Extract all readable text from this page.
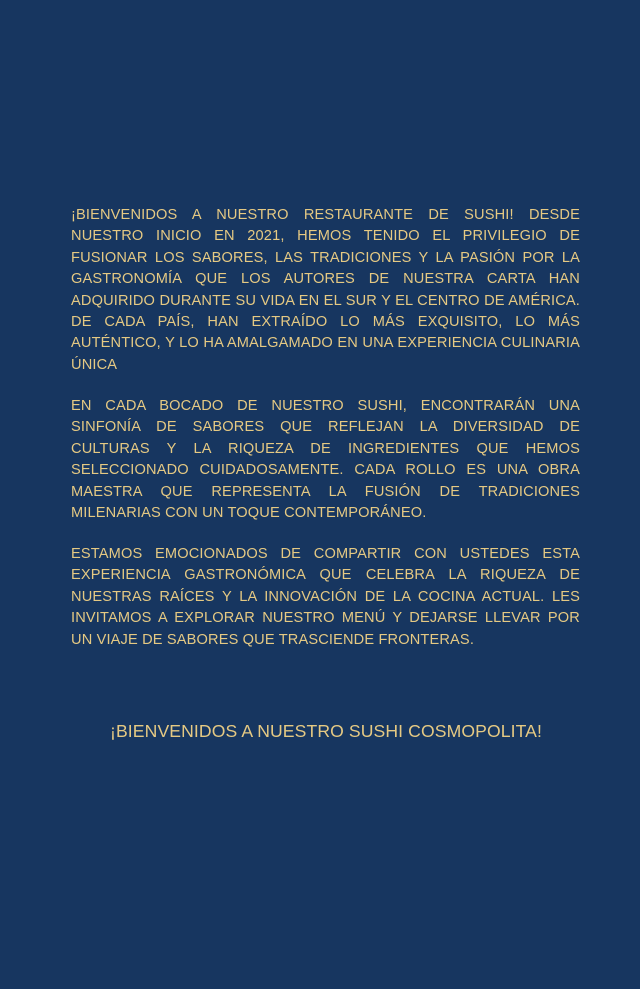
¡BIENVENIDOS A NUESTRO RESTAURANTE DE SUSHI! DESDE NUESTRO INICIO EN 2021, HEMOS TENIDO EL PRIVILEGIO DE FUSIONAR LOS SABORES, LAS TRADICIONES Y LA PASIÓN POR LA GASTRONOMÍA QUE LOS AUTORES DE NUESTRA CARTA HAN ADQUIRIDO DURANTE SU VIDA EN EL SUR Y EL CENTRO DE AMÉRICA. DE CADA PAÍS, HAN EXTRAÍDO LO MÁS EXQUISITO, LO MÁS AUTÉNTICO, Y LO HA AMALGAMADO EN UNA EXPERIENCIA CULINARIA ÚNICA

EN CADA BOCADO DE NUESTRO SUSHI, ENCONTRARÁN UNA SINFONÍA DE SABORES QUE REFLEJAN LA DIVERSIDAD DE CULTURAS Y LA RIQUEZA DE INGREDIENTES QUE HEMOS SELECCIONADO CUIDADOSAMENTE. CADA ROLLO ES UNA OBRA MAESTRA QUE REPRESENTA LA FUSIÓN DE TRADICIONES MILENARIAS CON UN TOQUE CONTEMPORÁNEO.

ESTAMOS EMOCIONADOS DE COMPARTIR CON USTEDES ESTA EXPERIENCIA GASTRONÓMICA QUE CELEBRA LA RIQUEZA DE NUESTRAS RAÍCES Y LA INNOVACIÓN DE LA COCINA ACTUAL. LES INVITAMOS A EXPLORAR NUESTRO MENÚ Y DEJARSE LLEVAR POR UN VIAJE DE SABORES QUE TRASCIENDE FRONTERAS.

¡BIENVENIDOS A NUESTRO SUSHI COSMOPOLITA!
